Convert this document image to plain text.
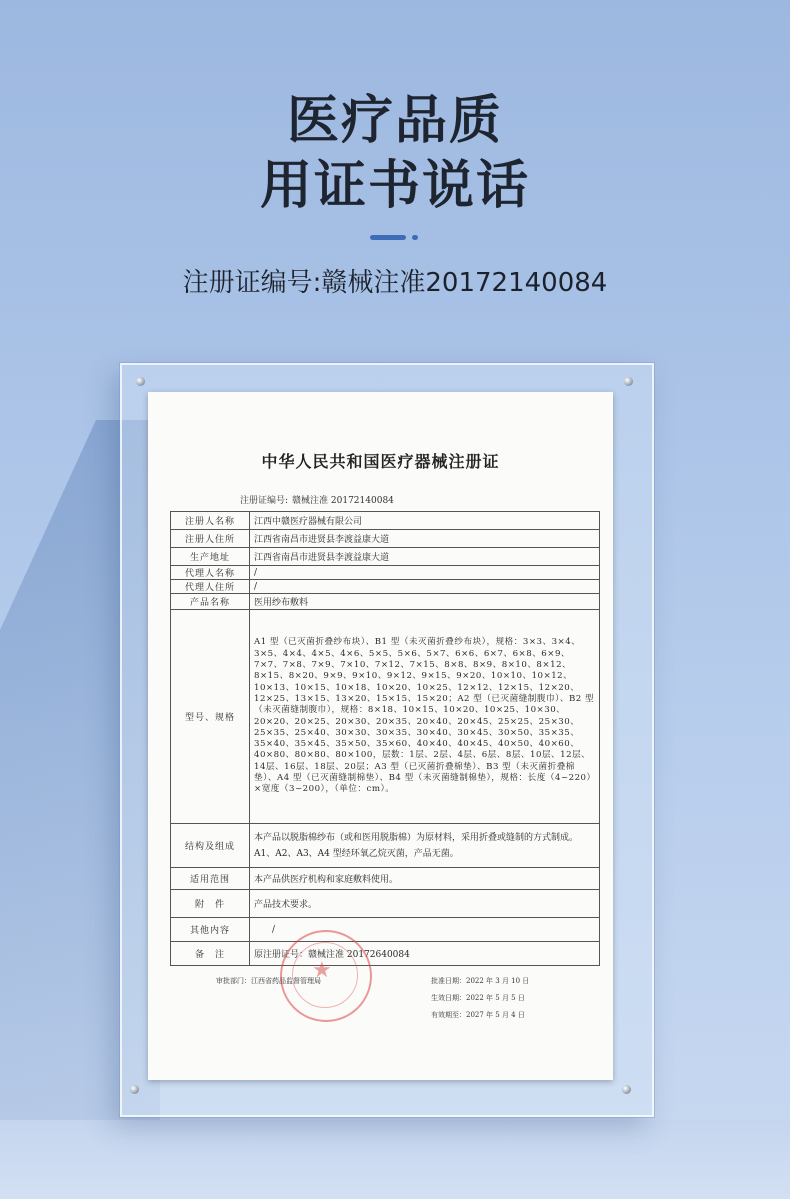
医疗品质
用证书说话
注册证编号:赣械注准20172140084
中华人民共和国医疗器械注册证
注册证编号: 赣械注准 20172140084
注册人名称	江西中赣医疗器械有限公司
注册人住所	江西省南昌市进贤县李渡益康大道
生产地址	江西省南昌市进贤县李渡益康大道
代理人名称	/
代理人住所	/
产品名称	医用纱布敷料
型号、规格	A1 型（已灭菌折叠纱布块）、B1 型（未灭菌折叠纱布块），规格：3×3、3×4、3×5、4×4、4×5、4×6、5×5、5×6、5×7、6×6、6×7、6×8、6×9、7×7、7×8、7×9、7×10、7×12、7×15、8×8、8×9、8×10、8×12、8×15、8×20、9×9、9×10、9×12、9×15、9×20、10×10、10×12、10×13、10×15、10×18、10×20、10×25、12×12、12×15、12×20、12×25、13×15、13×20、15×15、15×20；A2 型（已灭菌缝制腹巾）、B2 型（未灭菌缝制腹巾），规格：8×18、10×15、10×20、10×25、10×30、20×20、20×25、20×30、20×35、20×40、20×45、25×25、25×30、25×35、25×40、30×30、30×35、30×40、30×45、30×50、35×35、35×40、35×45、35×50、35×60、40×40、40×45、40×50、40×60、40×80、80×80、80×100，层数：1层、2层、4层、6层、8层、10层、12层、14层、16层、18层、20层；A3 型（已灭菌折叠棉垫）、B3 型（未灭菌折叠棉垫）、A4 型（已灭菌缝制棉垫）、B4 型（未灭菌缝制棉垫），规格：长度（4~220）×宽度（3~200），（单位：cm）。
结构及组成	本产品以脱脂棉纱布（或和医用脱脂棉）为原材料，采用折叠或缝制的方式制成。A1、A2、A3、A4 型经环氧乙烷灭菌，产品无菌。
适用范围	本产品供医疗机构和家庭敷料使用。
附　件	产品技术要求。
其他内容	/
备　注	原注册证号：赣械注准 20172640084
★
审批部门：江西省药品监督管理局	批准日期：2022 年 3 月 10 日
生效日期：2022 年 5 月 5 日
有效期至：2027 年 5 月 4 日
